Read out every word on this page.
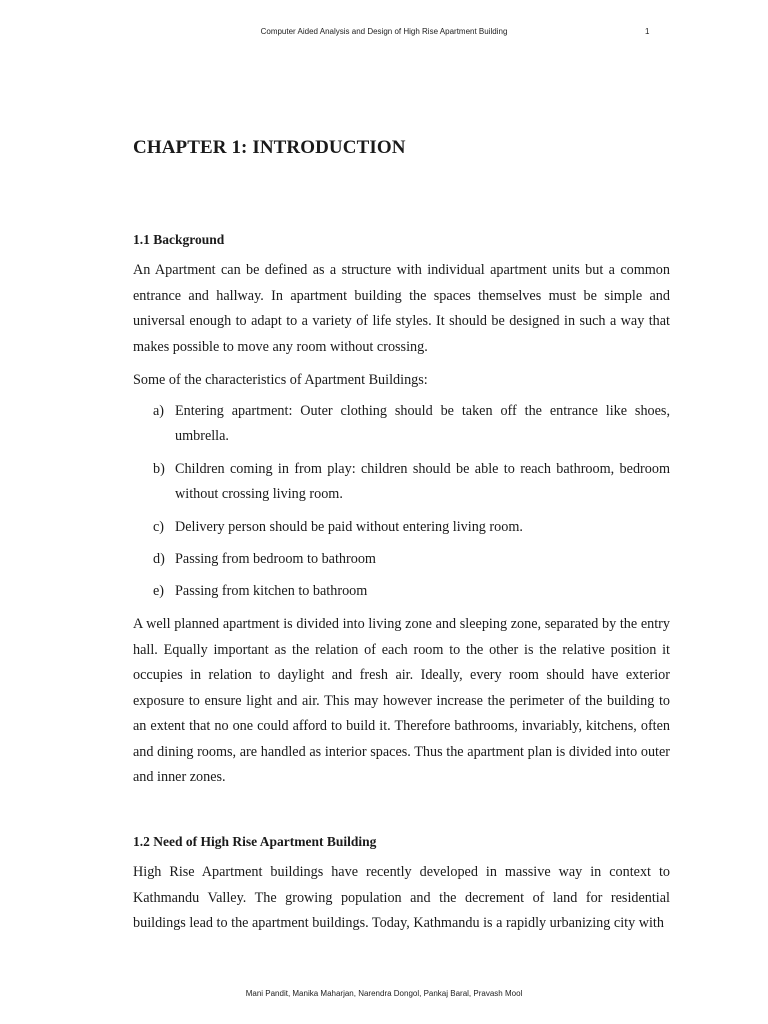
Computer Aided Analysis and Design of High Rise Apartment Building	1
CHAPTER 1: INTRODUCTION
1.1 Background

An Apartment can be defined as a structure with individual apartment units but a common entrance and hallway. In apartment building the spaces themselves must be simple and universal enough to adapt to a variety of life styles. It should be designed in such a way that makes possible to move any room without crossing.

Some of the characteristics of Apartment Buildings:

a) Entering apartment: Outer clothing should be taken off the entrance like shoes, umbrella.
b) Children coming in from play: children should be able to reach bathroom, bedroom without crossing living room.
c) Delivery person should be paid without entering living room.
d) Passing from bedroom to bathroom
e) Passing from kitchen to bathroom

A well planned apartment is divided into living zone and sleeping zone, separated by the entry hall. Equally important as the relation of each room to the other is the relative position it occupies in relation to daylight and fresh air. Ideally, every room should have exterior exposure to ensure light and air. This may however increase the perimeter of the building to an extent that no one could afford to build it. Therefore bathrooms, invariably, kitchens, often and dining rooms, are handled as interior spaces. Thus the apartment plan is divided into outer and inner zones.

1.2 Need of High Rise Apartment Building

High Rise Apartment buildings have recently developed in massive way in context to Kathmandu Valley. The growing population and the decrement of land for residential buildings lead to the apartment buildings. Today, Kathmandu is a rapidly urbanizing city with

Mani Pandit, Manika Maharjan, Narendra Dongol, Pankaj Baral, Pravash Mool
